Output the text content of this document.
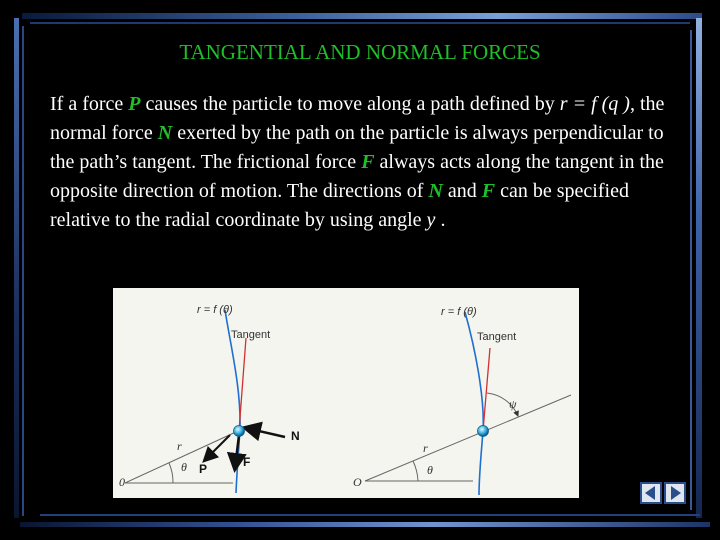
TANGENTIAL AND NORMAL FORCES
If a force P causes the particle to move along a path defined by r = f (q ), the normal force N exerted by the path on the particle is always perpendicular to the path’s tangent. The frictional force F always acts along the tangent in the opposite direction of motion. The directions of N and F can be specified relative to the radial coordinate by using angle y .
r = f (θ)
Tangent
r
θ
0
P	F
N
r = f (θ)
Tangent
ψ
r
θ
O
